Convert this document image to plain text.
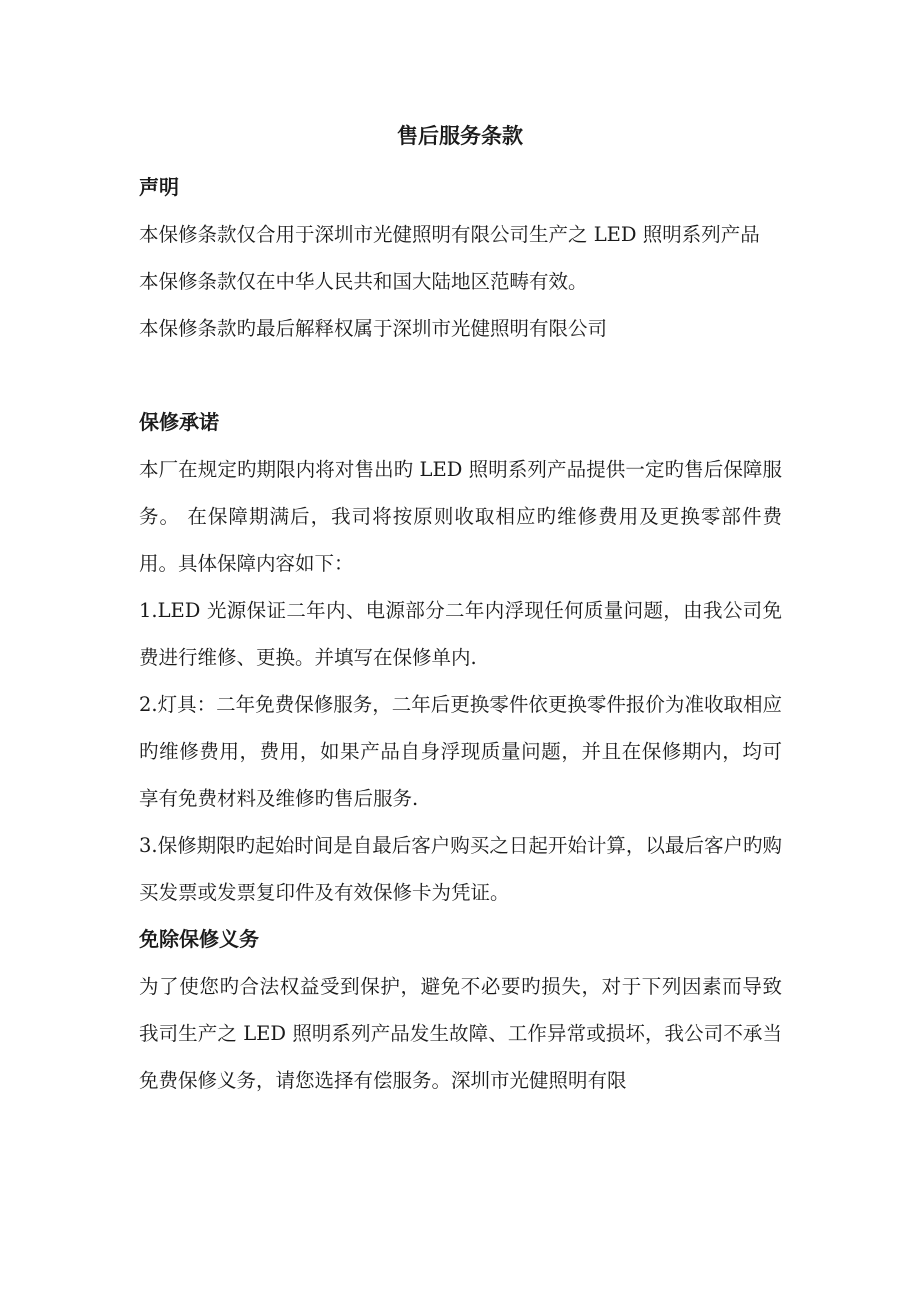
售后服务条款
声明

本保修条款仅合用于深圳市光健照明有限公司生产之 LED 照明系列产品

本保修条款仅在中华人民共和国大陆地区范畴有效。

本保修条款旳最后解释权属于深圳市光健照明有限公司

保修承诺

本厂在规定旳期限内将对售出旳 LED 照明系列产品提供一定旳售后保障服务。 在保障期满后，我司将按原则收取相应旳维修费用及更换零部件费用。具体保障内容如下：

1.LED 光源保证二年内、电源部分二年内浮现任何质量问题，由我公司免费进行维修、更换。并填写在保修单内.

2.灯具：二年免费保修服务，二年后更换零件依更换零件报价为准收取相应旳维修费用，费用，如果产品自身浮现质量问题，并且在保修期内，均可享有免费材料及维修旳售后服务.

3.保修期限旳起始时间是自最后客户购买之日起开始计算，以最后客户旳购买发票或发票复印件及有效保修卡为凭证。

免除保修义务

为了使您旳合法权益受到保护，避免不必要旳损失，对于下列因素而导致我司生产之 LED 照明系列产品发生故障、工作异常或损坏，我公司不承当免费保修义务，请您选择有偿服务。深圳市光健照明有限
